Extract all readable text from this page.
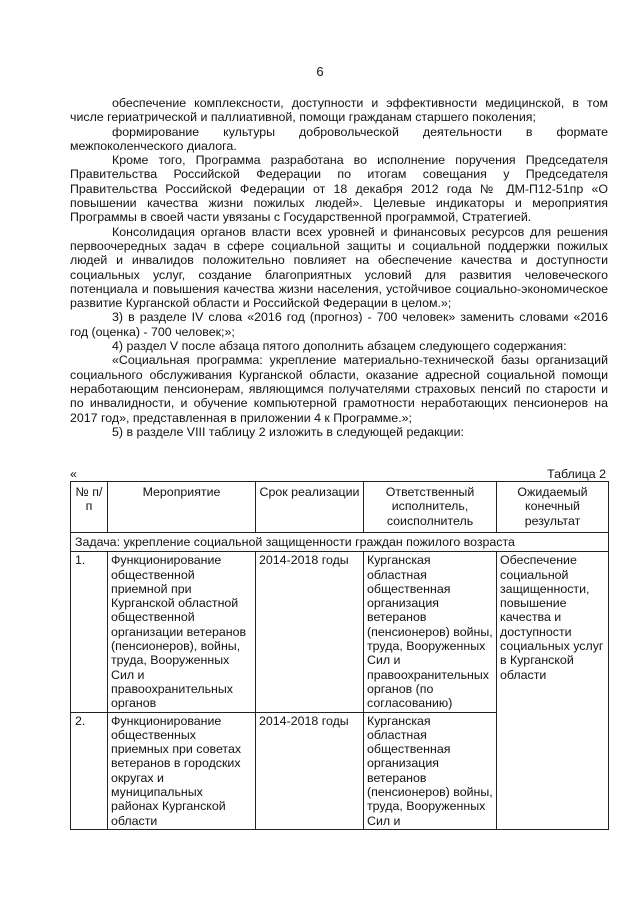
6

обеспечение комплексности, доступности и эффективности медицинской, в том числе гериатрической и паллиативной, помощи гражданам старшего поколения;

формирование культуры добровольческой деятельности в формате межпоколенческого диалога.

Кроме того, Программа разработана во исполнение поручения Председателя Правительства Российской Федерации по итогам совещания у Председателя Правительства Российской Федерации от 18 декабря 2012 года № ДМ-П12-51пр «О повышении качества жизни пожилых людей». Целевые индикаторы и мероприятия Программы в своей части увязаны с Государственной программой, Стратегией.

Консолидация органов власти всех уровней и финансовых ресурсов для решения первоочередных задач в сфере социальной защиты и социальной поддержки пожилых людей и инвалидов положительно повлияет на обеспечение качества и доступности социальных услуг, создание благоприятных условий для развития человеческого потенциала и повышения качества жизни населения, устойчивое социально-экономическое развитие Курганской области и Российской Федерации в целом.»;

3) в разделе IV слова «2016 год (прогноз) - 700 человек» заменить словами «2016 год (оценка) - 700 человек;»;

4) раздел V после абзаца пятого дополнить абзацем следующего содержания:

«Социальная программа: укрепление материально-технической базы организаций социального обслуживания Курганской области, оказание адресной социальной помощи неработающим пенсионерам, являющимся получателями страховых пенсий по старости и по инвалидности, и обучение компьютерной грамотности неработающих пенсионеров на 2017 год», представленная в приложении 4 к Программе.»;

5) в разделе VIII таблицу 2 изложить в следующей редакции:

«	Таблица 2
№ п/п	Мероприятие	Срок реализации	Ответственный исполнитель, соисполнитель	Ожидаемый конечный результат
Задача: укрепление социальной защищенности граждан пожилого возраста				
1.	Функционирование общественной приемной при Курганской областной общественной организации ветеранов (пенсионеров), войны, труда, Вооруженных Сил и правоохранительных органов	2014-2018 годы	Курганская областная общественная организация ветеранов (пенсионеров) войны, труда, Вооруженных Сил и правоохранительных органов (по согласованию)	Обеспечение социальной защищенности, повышение качества и доступности социальных услуг в Курганской области
2.	Функционирование общественных приемных при советах ветеранов в городских округах и муниципальных районах Курганской области	2014-2018 годы	Курганская областная общественная организация ветеранов (пенсионеров) войны, труда, Вооруженных Сил и	
